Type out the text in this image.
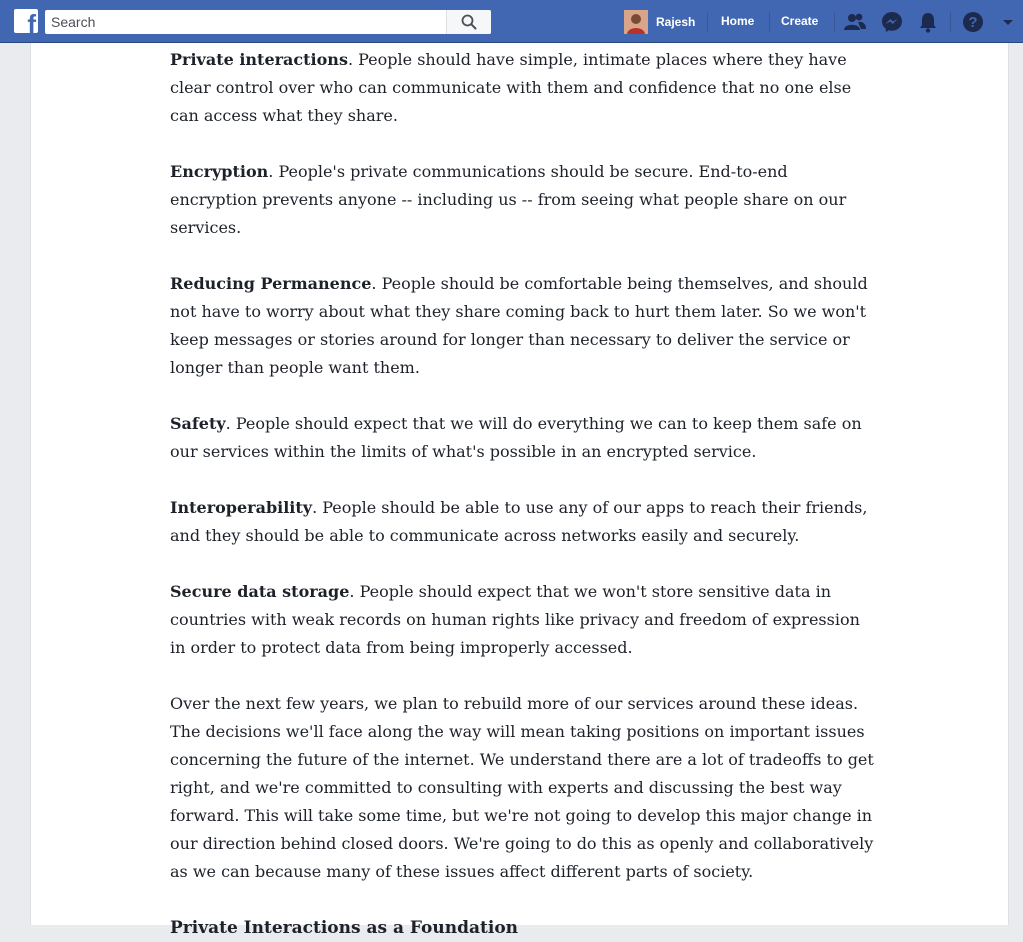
f
Search	Rajesh Home Create	?

Private interactions. People should have simple, intimate places where they have clear control over who can communicate with them and confidence that no one else can access what they share.

Encryption. People's private communications should be secure. End-to-end encryption prevents anyone -- including us -- from seeing what people share on our services.

Reducing Permanence. People should be comfortable being themselves, and should not have to worry about what they share coming back to hurt them later. So we won't keep messages or stories around for longer than necessary to deliver the service or longer than people want them.

Safety. People should expect that we will do everything we can to keep them safe on our services within the limits of what's possible in an encrypted service.

Interoperability. People should be able to use any of our apps to reach their friends, and they should be able to communicate across networks easily and securely.

Secure data storage. People should expect that we won't store sensitive data in countries with weak records on human rights like privacy and freedom of expression in order to protect data from being improperly accessed.

Over the next few years, we plan to rebuild more of our services around these ideas. The decisions we'll face along the way will mean taking positions on important issues concerning the future of the internet. We understand there are a lot of tradeoffs to get right, and we're committed to consulting with experts and discussing the best way forward. This will take some time, but we're not going to develop this major change in our direction behind closed doors. We're going to do this as openly and collaboratively as we can because many of these issues affect different parts of society.

Private Interactions as a Foundation
